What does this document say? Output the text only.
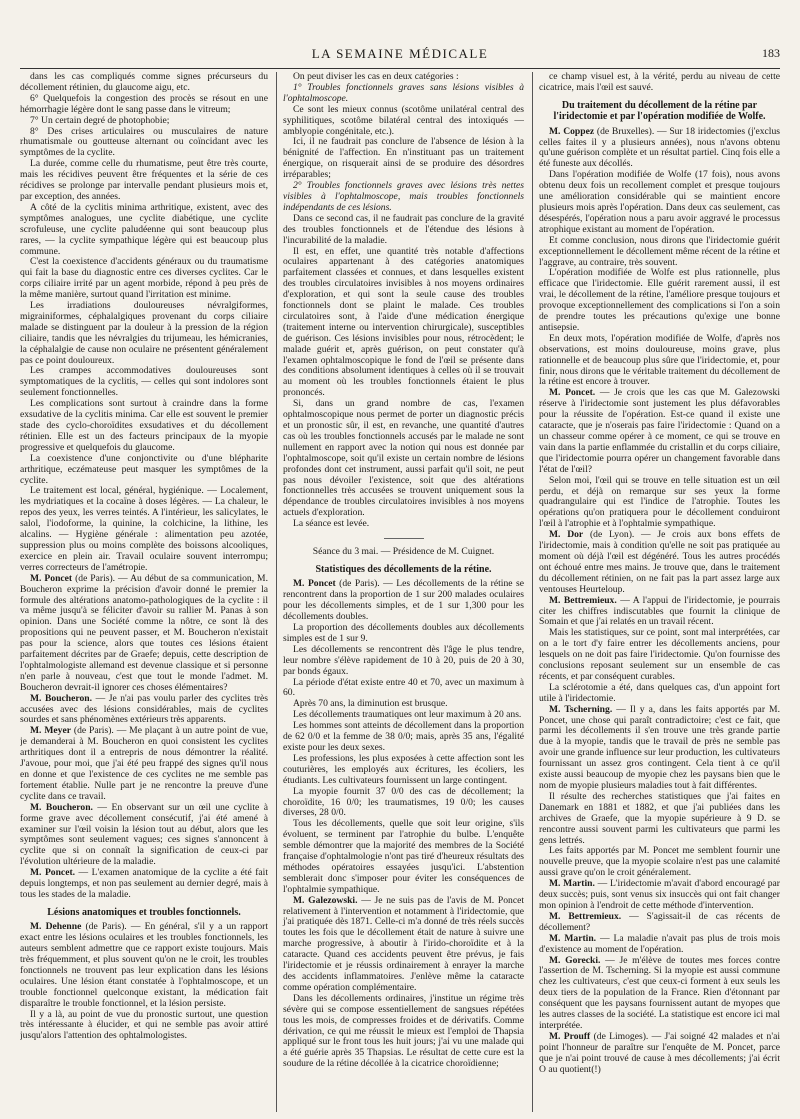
LA SEMAINE MÉDICALE	183

dans les cas compliqués comme signes précurseurs du décollement rétinien, du glaucome aigu, etc.

6° Quelquefois la congestion des procès se résout en une hémorrhagie légère dont le sang passe dans le vitreum;

7° Un certain degré de photophobie;

8° Des crises articulaires ou musculaires de nature rhumatismale ou goutteuse alternant ou coïncidant avec les symptômes de la cyclite.

La durée, comme celle du rhumatisme, peut être très courte, mais les récidives peuvent être fréquentes et la série de ces récidives se prolonge par intervalle pendant plusieurs mois et, par exception, des années.

A côté de la cyclitis minima arthritique, existent, avec des symptômes analogues, une cyclite diabétique, une cyclite scrofuleuse, une cyclite paludéenne qui sont beaucoup plus rares, — la cyclite sympathique légère qui est beaucoup plus commune.

C'est la coexistence d'accidents généraux ou du traumatisme qui fait la base du diagnostic entre ces diverses cyclites. Car le corps ciliaire irrité par un agent morbide, répond à peu près de la même manière, surtout quand l'irritation est minime.

Les irradiations douloureuses névralgiformes, migrainiformes, céphalalgiques provenant du corps ciliaire malade se distinguent par la douleur à la pression de la région ciliaire, tandis que les névralgies du trijumeau, les hémicranies, la céphalalgie de cause non oculaire ne présentent généralement pas ce point douloureux.

Les crampes accommodatives douloureuses sont symptomatiques de la cyclitis, — celles qui sont indolores sont seulement fonctionnelles.

Les complications sont surtout à craindre dans la forme exsudative de la cyclitis minima. Car elle est souvent le premier stade des cyclo-choroïdites exsudatives et du décollement rétinien. Elle est un des facteurs principaux de la myopie progressive et quelquefois du glaucome.

La coexistence d'une conjonctivite ou d'une blépharite arthritique, eczémateuse peut masquer les symptômes de la cyclite.

Le traitement est local, général, hygiénique. — Localement, les mydriatiques et la cocaïne à doses légères. — La chaleur, le repos des yeux, les verres teintés. A l'intérieur, les salicylates, le salol, l'iodoforme, la quinine, la colchicine, la lithine, les alcalins. — Hygiène générale : alimentation peu azotée, suppression plus ou moins complète des boissons alcooliques, exercice en plein air. Travail oculaire souvent interrompu; verres correcteurs de l'amétropie.

M. Poncet (de Paris). — Au début de sa communication, M. Boucheron exprime la précision d'avoir donné le premier la formule des altérations anatomo-pathologiques de la cyclite : il va même jusqu'à se féliciter d'avoir su rallier M. Panas à son opinion. Dans une Société comme la nôtre, ce sont là des propositions qui ne peuvent passer, et M. Boucheron n'existait pas pour la science, alors que toutes ces lésions étaient parfaitement décrites par de Graefe; depuis, cette description de l'ophtalmologiste allemand est devenue classique et si personne n'en parle à nouveau, c'est que tout le monde l'admet. M. Boucheron devrait-il ignorer ces choses élémentaires?

M. Boucheron. — Je n'ai pas voulu parler des cyclites très accusées avec des lésions considérables, mais de cyclites sourdes et sans phénomènes extérieurs très apparents.

M. Meyer (de Paris). — Me plaçant à un autre point de vue, je demanderai à M. Boucheron en quoi consistent les cyclites arthritiques dont il a entrepris de nous démontrer la réalité. J'avoue, pour moi, que j'ai été peu frappé des signes qu'il nous en donne et que l'existence de ces cyclites ne me semble pas fortement établie. Nulle part je ne rencontre la preuve d'une cyclite dans ce travail.

M. Boucheron. — En observant sur un œil une cyclite à forme grave avec décollement consécutif, j'ai été amené à examiner sur l'œil voisin la lésion tout au début, alors que les symptômes sont seulement vagues; ces signes s'annoncent à cyclite que si on connaît la signification de ceux-ci par l'évolution ultérieure de la maladie.

M. Poncet. — L'examen anatomique de la cyclite a été fait depuis longtemps, et non pas seulement au dernier degré, mais à tous les stades de la maladie.

Lésions anatomiques et troubles fonctionnels.

M. Dehenne (de Paris). — En général, s'il y a un rapport exact entre les lésions oculaires et les troubles fonctionnels, les auteurs semblent admettre que ce rapport existe toujours. Mais très fréquemment, et plus souvent qu'on ne le croit, les troubles fonctionnels ne trouvent pas leur explication dans les lésions oculaires. Une lésion étant constatée à l'ophtalmoscope, et un trouble fonctionnel quelconque existant, la médication fait disparaître le trouble fonctionnel, et la lésion persiste.

Il y a là, au point de vue du pronostic surtout, une question très intéressante à élucider, et qui ne semble pas avoir attiré jusqu'alors l'attention des ophtalmologistes.

On peut diviser les cas en deux catégories :

1° Troubles fonctionnels graves sans lésions visibles à l'ophtalmoscope.

Ce sont les mieux connus (scotôme unilatéral central des syphilitiques, scotôme bilatéral central des intoxiqués — amblyopie congénitale, etc.).

Ici, il ne faudrait pas conclure de l'absence de lésion à la bénignité de l'affection. En n'instituant pas un traitement énergique, on risquerait ainsi de se produire des désordres irréparables;

2° Troubles fonctionnels graves avec lésions très nettes visibles à l'ophtalmoscope, mais troubles fonctionnels indépendants de ces lésions.

Dans ce second cas, il ne faudrait pas conclure de la gravité des troubles fonctionnels et de l'étendue des lésions à l'incurabilité de la maladie.

Il est, en effet, une quantité très notable d'affections oculaires appartenant à des catégories anatomiques parfaitement classées et connues, et dans lesquelles existent des troubles circulatoires invisibles à nos moyens ordinaires d'exploration, et qui sont la seule cause des troubles fonctionnels dont se plaint le malade. Ces troubles circulatoires sont, à l'aide d'une médication énergique (traitement interne ou intervention chirurgicale), susceptibles de guérison. Ces lésions invisibles pour nous, rétrocèdent; le malade guérit et, après guérison, on peut constater qu'à l'examen ophtalmoscopique le fond de l'œil se présente dans des conditions absolument identiques à celles où il se trouvait au moment où les troubles fonctionnels étaient le plus prononcés.

Si, dans un grand nombre de cas, l'examen ophtalmoscopique nous permet de porter un diagnostic précis et un pronostic sûr, il est, en revanche, une quantité d'autres cas où les troubles fonctionnels accusés par le malade ne sont nullement en rapport avec la notion qui nous est donnée par l'ophtalmoscope, soit qu'il existe un certain nombre de lésions profondes dont cet instrument, aussi parfait qu'il soit, ne peut pas nous dévoiler l'existence, soit que des altérations fonctionnelles très accusées se trouvent uniquement sous la dépendance de troubles circulatoires invisibles à nos moyens actuels d'exploration.

La séance est levée.

Séance du 3 mai. — Présidence de M. Cuignet.

Statistiques des décollements de la rétine.

M. Poncet (de Paris). — Les décollements de la rétine se rencontrent dans la proportion de 1 sur 200 malades oculaires pour les décollements simples, et de 1 sur 1,300 pour les décollements doubles.

La proportion des décollements doubles aux décollements simples est de 1 sur 9.

Les décollements se rencontrent dès l'âge le plus tendre, leur nombre s'élève rapidement de 10 à 20, puis de 20 à 30, par bonds égaux.

La période d'état existe entre 40 et 70, avec un maximum à 60.

Après 70 ans, la diminution est brusque.

Les décollements traumatiques ont leur maximum à 20 ans.

Les hommes sont atteints de décollement dans la proportion de 62 0/0 et la femme de 38 0/0; mais, après 35 ans, l'égalité existe pour les deux sexes.

Les professions, les plus exposées à cette affection sont les couturières, les employés aux écritures, les écoliers, les étudiants. Les cultivateurs fournissent un large contingent.

La myopie fournit 37 0/0 des cas de décollement; la choroïdite, 16 0/0; les traumatismes, 19 0/0; les causes diverses, 28 0/0.

Tous les décollements, quelle que soit leur origine, s'ils évoluent, se terminent par l'atrophie du bulbe. L'enquête semble démontrer que la majorité des membres de la Société française d'ophtalmologie n'ont pas tiré d'heureux résultats des méthodes opératoires essayées jusqu'ici. L'abstention semblerait donc s'imposer pour éviter les conséquences de l'ophtalmie sympathique.

M. Galezowski. — Je ne suis pas de l'avis de M. Poncet relativement à l'intervention et notamment à l'iridectomie, que j'ai pratiquée dès 1871. Celle-ci m'a donné de très réels succès toutes les fois que le décollement était de nature à suivre une marche progressive, à aboutir à l'irido-choroïdite et à la cataracte. Quand ces accidents peuvent être prévus, je fais l'iridectomie et je réussis ordinairement à enrayer la marche des accidents inflammatoires. J'enlève même la cataracte comme opération complémentaire.

Dans les décollements ordinaires, j'institue un régime très sévère qui se compose essentiellement de sangsues répétées tous les mois, de compresses froides et de dérivatifs. Comme dérivation, ce qui me réussit le mieux est l'emploi de Thapsia appliqué sur le front tous les huit jours; j'ai vu une malade qui a été guérie après 35 Thapsias. Le résultat de cette cure est la soudure de la rétine décollée à la cicatrice choroïdienne;

ce champ visuel est, à la vérité, perdu au niveau de cette cicatrice, mais l'œil est sauvé.

Du traitement du décollement de la rétine par l'iridectomie et par l'opération modifiée de Wolfe.

M. Coppez (de Bruxelles). — Sur 18 iridectomies (j'exclus celles faites il y a plusieurs années), nous n'avons obtenu qu'une guérison complète et un résultat partiel. Cinq fois elle a été funeste aux décollés.

Dans l'opération modifiée de Wolfe (17 fois), nous avons obtenu deux fois un recollement complet et presque toujours une amélioration considérable qui se maintient encore plusieurs mois après l'opération. Dans deux cas seulement, cas désespérés, l'opération nous a paru avoir aggravé le processus atrophique existant au moment de l'opération.

Et comme conclusion, nous dirons que l'iridectomie guérit exceptionnellement le décollement même récent de la rétine et l'aggrave, au contraire, très souvent.

L'opération modifiée de Wolfe est plus rationnelle, plus efficace que l'iridectomie. Elle guérit rarement aussi, il est vrai, le décollement de la rétine, l'améliore presque toujours et provoque exceptionnellement des complications si l'on a soin de prendre toutes les précautions qu'exige une bonne antisepsie.

En deux mots, l'opération modifiée de Wolfe, d'après nos observations, est moins douloureuse, moins grave, plus rationnelle et de beaucoup plus sûre que l'iridectomie, et, pour finir, nous dirons que le véritable traitement du décollement de la rétine est encore à trouver.

M. Poncet. — Je crois que les cas que M. Galezowski réserve à l'iridectomie sont justement les plus défavorables pour la réussite de l'opération. Est-ce quand il existe une cataracte, que je n'oserais pas faire l'iridectomie : Quand on a un chasseur comme opérer à ce moment, ce qui se trouve en vain dans la partie enflammée du cristallin et du corps ciliaire, que l'iridectomie pourra opérer un changement favorable dans l'état de l'œil?

Selon moi, l'œil qui se trouve en telle situation est un œil perdu, et déjà on remarque sur ses yeux la forme quadrangulaire qui est l'indice de l'atrophie. Toutes les opérations qu'on pratiquera pour le décollement conduiront l'œil à l'atrophie et à l'ophtalmie sympathique.

M. Dor (de Lyon). — Je crois aux bons effets de l'iridectomie, mais à condition qu'elle ne soit pas pratiquée au moment où déjà l'œil est dégénéré. Tous les autres procédés ont échoué entre mes mains. Je trouve que, dans le traitement du décollement rétinien, on ne fait pas la part assez large aux ventouses Heurteloup.

M. Bettremieux. — A l'appui de l'iridectomie, je pourrais citer les chiffres indiscutables que fournit la clinique de Somain et que j'ai relatés en un travail récent.

Mais les statistiques, sur ce point, sont mal interprétées, car on a le tort d'y faire entrer les décollements anciens, pour lesquels on ne doit pas faire l'iridectomie. Qu'on fournisse des conclusions reposant seulement sur un ensemble de cas récents, et par conséquent curables.

La sclérotomie a été, dans quelques cas, d'un appoint fort utile à l'iridectomie.

M. Tscherning. — Il y a, dans les faits apportés par M. Poncet, une chose qui paraît contradictoire; c'est ce fait, que parmi les décollements il s'en trouve une très grande partie due à la myopie, tandis que le travail de près ne semble pas avoir une grande influence sur leur production, les cultivateurs fournissant un assez gros contingent. Cela tient à ce qu'il existe aussi beaucoup de myopie chez les paysans bien que le nom de myopie plusieurs maladies tout à fait différentes.

Il résulte des recherches statistiques que j'ai faites en Danemark en 1881 et 1882, et que j'ai publiées dans les archives de Graefe, que la myopie supérieure à 9 D. se rencontre aussi souvent parmi les cultivateurs que parmi les gens lettrés.

Les faits apportés par M. Poncet me semblent fournir une nouvelle preuve, que la myopie scolaire n'est pas une calamité aussi grave qu'on le croit généralement.

M. Martin. — L'iridectomie m'avait d'abord encouragé par deux succès; puis, sont venus six insuccès qui ont fait changer mon opinion à l'endroit de cette méthode d'intervention.

M. Bettremieux. — S'agissait-il de cas récents de décollement?

M. Martin. — La maladie n'avait pas plus de trois mois d'existence au moment de l'opération.

M. Gorecki. — Je m'élève de toutes mes forces contre l'assertion de M. Tscherning. Si la myopie est aussi commune chez les cultivateurs, c'est que ceux-ci forment à eux seuls les deux tiers de la population de la France. Rien d'étonnant par conséquent que les paysans fournissent autant de myopes que les autres classes de la société. La statistique est encore ici mal interprétée.

M. Prouff (de Limoges). — J'ai soigné 42 malades et n'ai point l'honneur de paraître sur l'enquête de M. Poncet, parce que je n'ai point trouvé de cause à mes décollements; j'ai écrit O au quotient(!)
